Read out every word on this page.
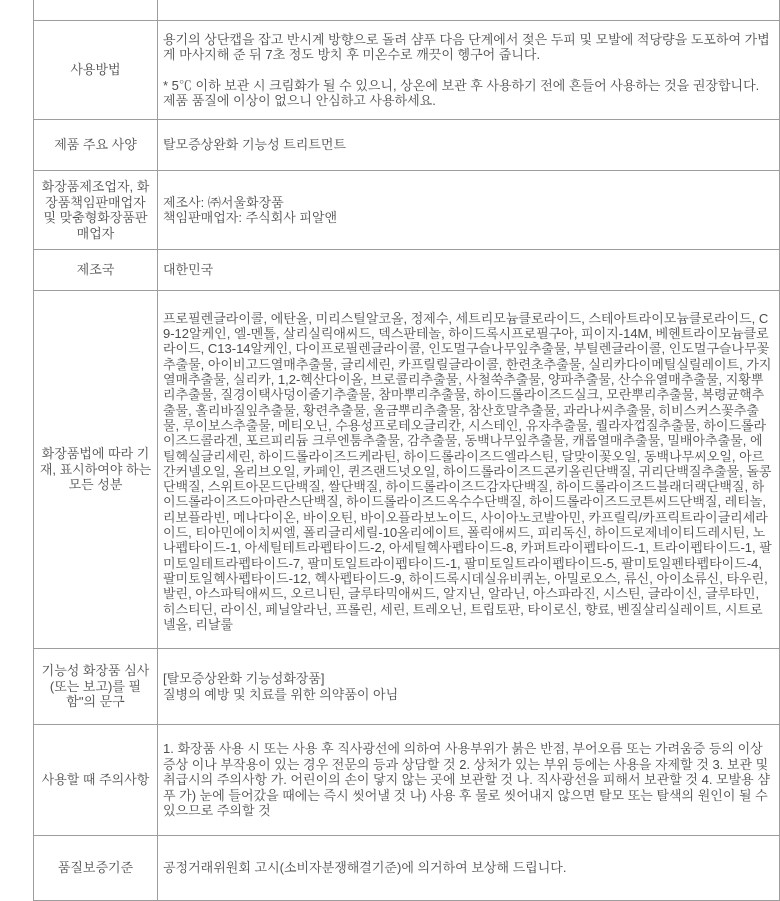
사용방법	용기의 상단캡을 잡고 반시계 방향으로 돌려 샴푸 다음 단계에서 젖은 두피 및 모발에 적당량을 도포하여 가볍게 마사지해 준 뒤 7초 정도 방치 후 미온수로 깨끗이 헹구어 줍니다.

* 5℃ 이하 보관 시 크림화가 될 수 있으니, 상온에 보관 후 사용하기 전에 흔들어 사용하는 것을 권장합니다. 제품 품질에 이상이 없으니 안심하고 사용하세요.

제품 주요 사양	탈모증상완화 기능성 트리트먼트
화장품제조업자, 화장품책임판매업자 및 맞춤형화장품판매업자	제조사: ㈜서울화장품
책임판매업자: 주식회사 피알앤

제조국	대한민국
화장품법에 따라 기재, 표시하여야 하는 모든 성분	프로필렌글라이콜, 에탄올, 미리스틸알코올, 정제수, 세트리모늄클로라이드, 스테아트라이모늄클로라이드, C9-12알케인, 엘-멘톨, 살리실릭애씨드, 덱스판테놀, 하이드록시프로필구아, 피이지-14M, 베헨트라이모늄클로라이드, C13-14알케인, 다이프로필렌글라이콜, 인도멀구슬나무잎추출물, 부틸렌글라이콜, 인도멀구슬나무꽃추출물, 아이비고드열매추출물, 글리세린, 카프릴릴글라이콜, 한련초추출물, 실리카다이메틸실릴레이트, 가지열매추출물, 실리카, 1,2-헥산다이올, 브로콜리추출물, 사철쑥추출물, 양파추출물, 산수유열매추출물, 지황뿌리추출물, 질경이택사덩이줄기추출물, 참마뿌리추출물, 하이드롤라이즈드실크, 모란뿌리추출물, 복령균핵추출물, 홀리바질잎추출물, 황련추출물, 울금뿌리추출물, 참산호말추출물, 과라나씨추출물, 히비스커스꽃추출물, 루이보스추출물, 메티오닌, 수용성프로테오글리칸, 시스테인, 유자추출물, 퀄라자껍질추출물, 하이드롤라이즈드콜라겐, 포르피리듐 크루엔툼추출물, 감추출물, 동백나무잎추출물, 캐롭열매추출물, 밀배아추출물, 에틸헥실글리세린, 하이드롤라이즈드케라틴, 하이드롤라이즈드엘라스틴, 달맞이꽃오일, 동백나무씨오일, 아르간커넬오일, 올리브오일, 카페인, 퀸즈랜드넛오일, 하이드롤라이즈드콘키올린단백질, 귀리단백질추출물, 돌콩단백질, 스위트아몬드단백질, 쌀단백질, 하이드롤라이즈드감자단백질, 하이드롤라이즈드블래더랙단백질, 하이드롤라이즈드아마란스단백질, 하이드롤라이즈드옥수수단백질, 하이드롤라이즈드코튼씨드단백질, 레티놀, 리보플라빈, 메나다이온, 바이오틴, 바이오플라보노이드, 사이아노코발아민, 카프릴릭/카프릭트라이글리세라이드, 티아민에이치씨엘, 폴리글리세릴-10올리에이트, 폴릭애씨드, 피리독신, 하이드로제네이티드레시틴, 노나펩타이드-1, 아세틸테트라펩타이드-2, 아세틸헥사펩타이드-8, 카퍼트라이펩타이드-1, 트라이펩타이드-1, 팔미토일테트라펩타이드-7, 팔미토일트라이펩타이드-1, 팔미토일트라이펩타이드-5, 팔미토일펜타펩타이드-4, 팔미토일헥사펩타이드-12, 헥사펩타이드-9, 하이드록시데실유비퀴논, 아밀로오스, 류신, 아이소류신, 타우린, 발린, 아스파틱애씨드, 오르니틴, 글루타믹애씨드, 알지닌, 알라닌, 아스파라진, 시스틴, 글라이신, 글루타민, 히스티딘, 라이신, 페닐알라닌, 프롤린, 세린, 트레오닌, 트립토판, 타이로신, 향료, 벤질살리실레이트, 시트로넬올, 리날룰
기능성 화장품 심사(또는 보고)를 필함"의 문구	[탈모증상완화 기능성화장품]
질병의 예방 및 치료를 위한 의약품이 아님

사용할 때 주의사항	1. 화장품 사용 시 또는 사용 후 직사광선에 의하여 사용부위가 붉은 반점, 부어오름 또는 가려움증 등의 이상 증상 이나 부작용이 있는 경우 전문의 등과 상담할 것 2. 상처가 있는 부위 등에는 사용을 자제할 것 3. 보관 및 취급시의 주의사항 가. 어린이의 손이 닿지 않는 곳에 보관할 것 나. 직사광선을 피해서 보관할 것 4. 모발용 샴푸 가) 눈에 들어갔을 때에는 즉시 씻어낼 것 나) 사용 후 물로 씻어내지 않으면 탈모 또는 탈색의 원인이 될 수 있으므로 주의할 것
품질보증기준	공정거래위원회 고시(소비자분쟁해결기준)에 의거하여 보상해 드립니다.
